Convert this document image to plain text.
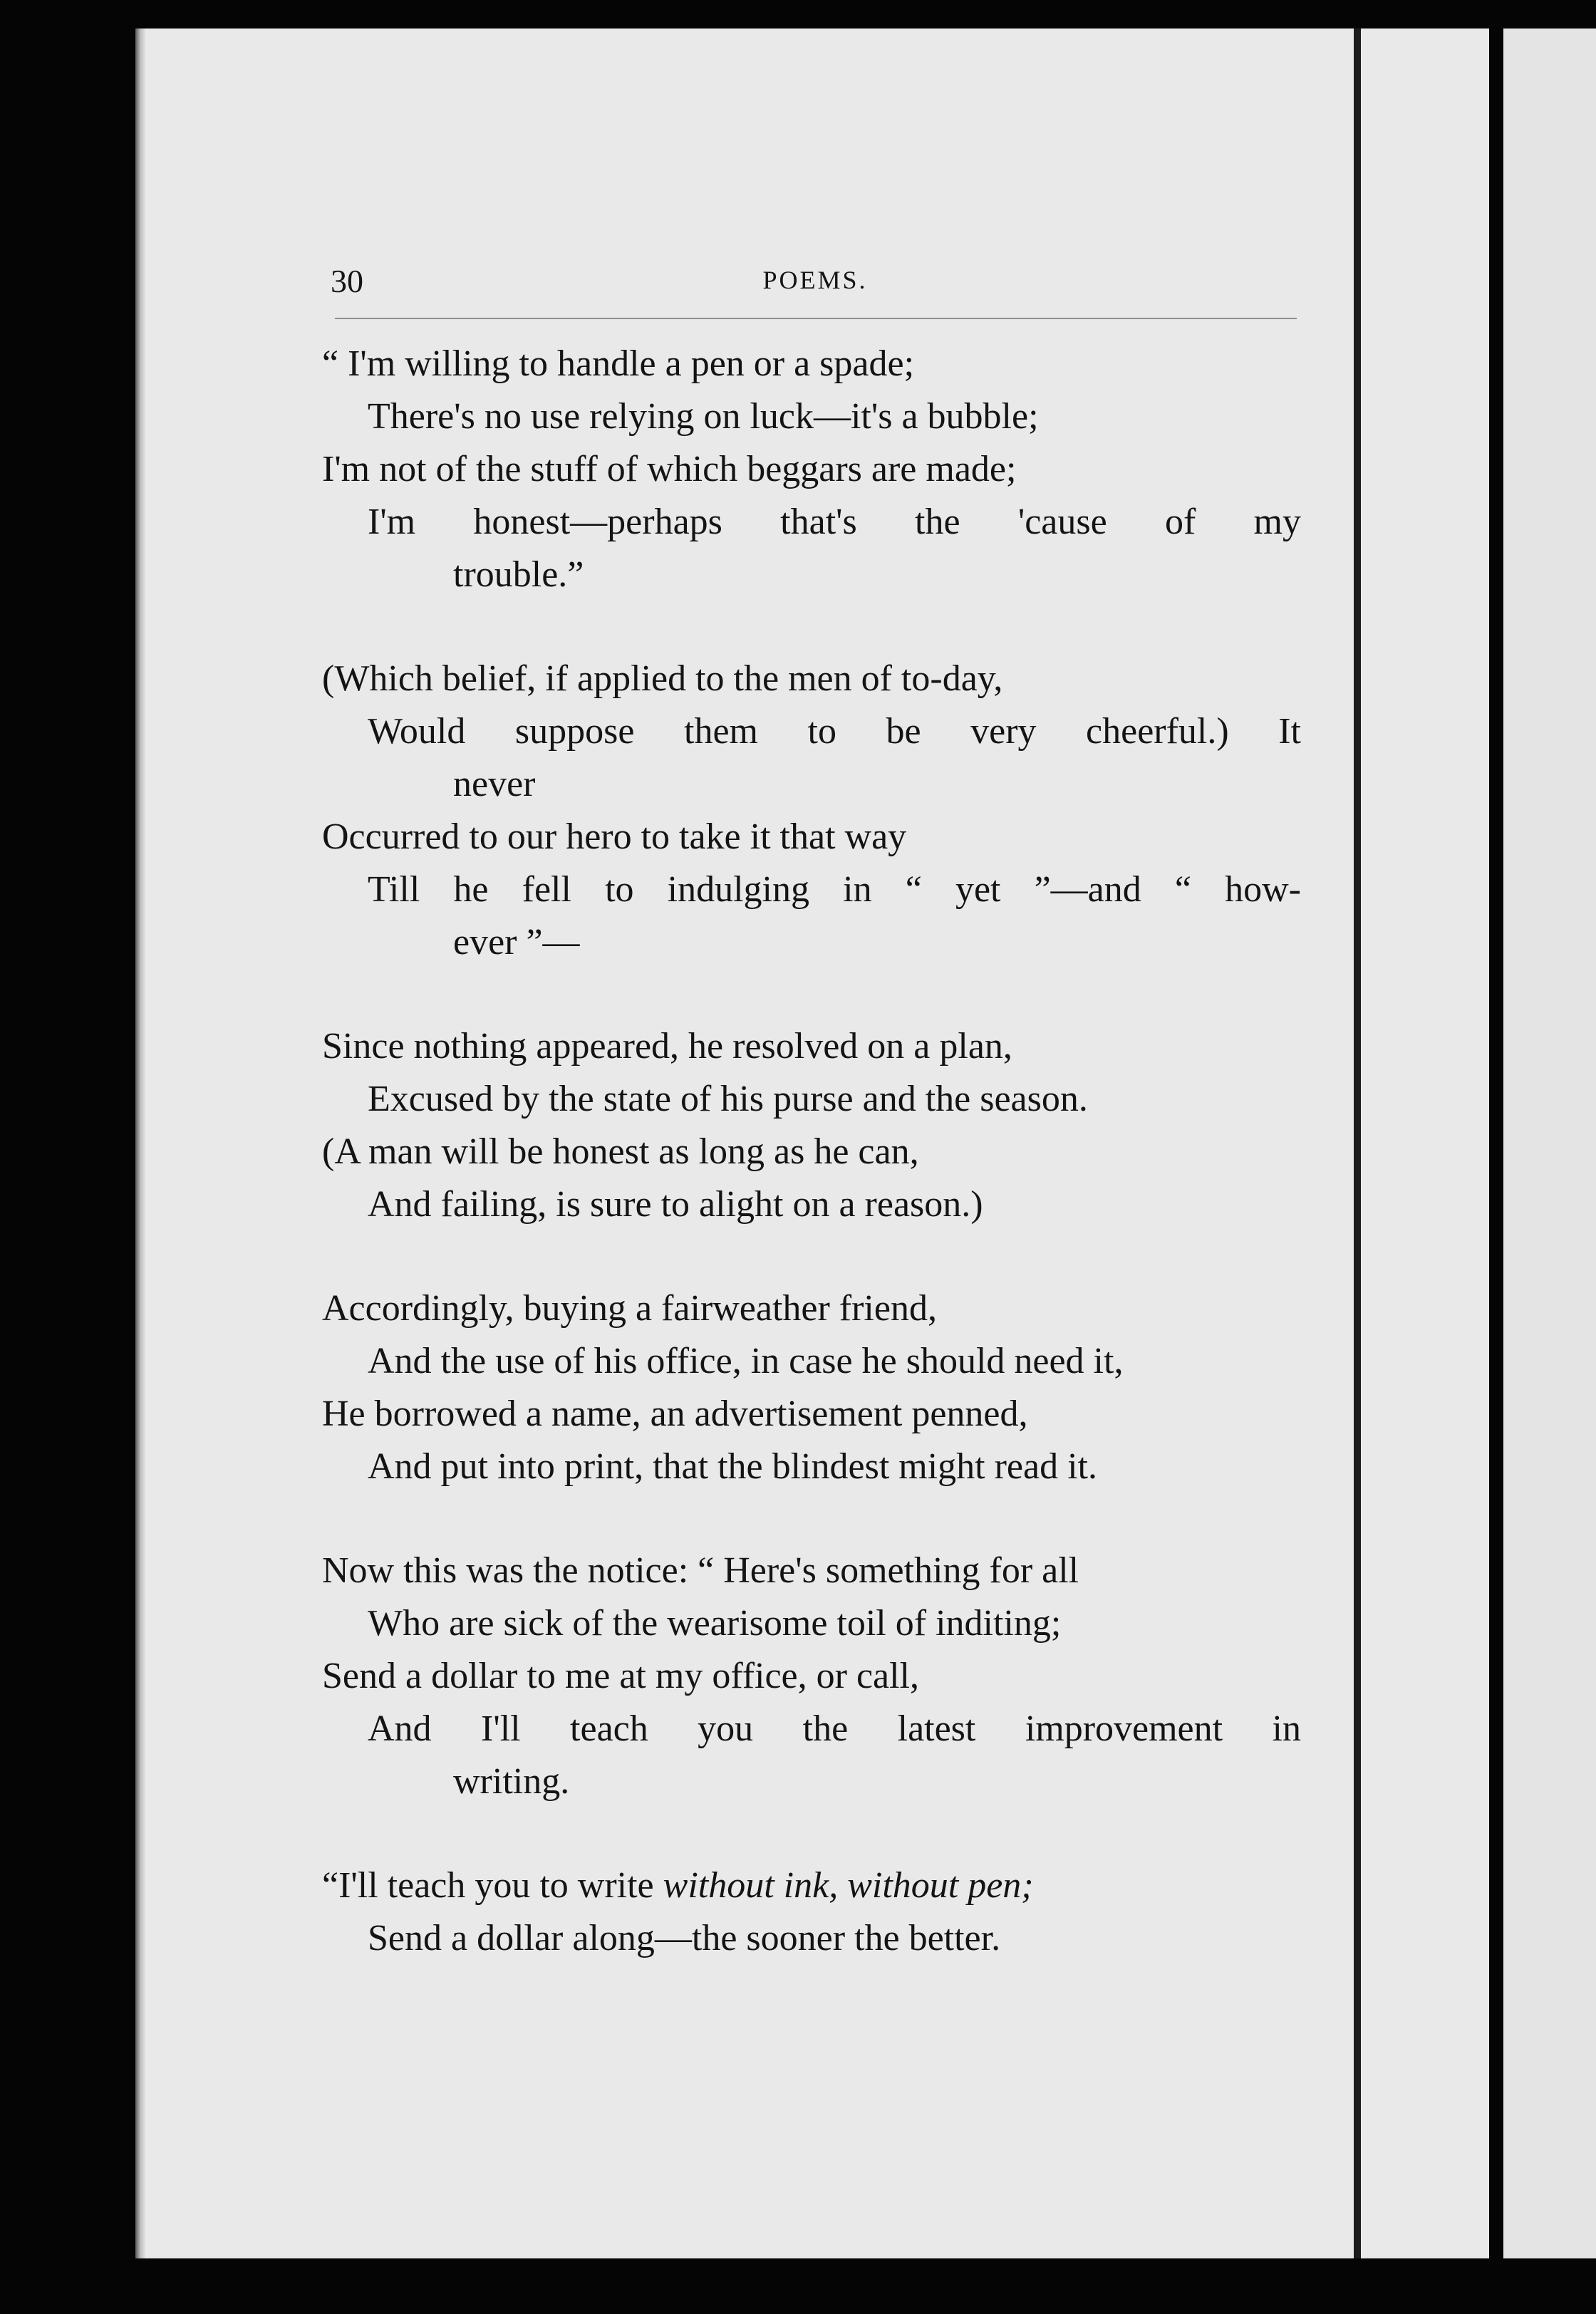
30	POEMS.
“ I'm willing to handle a pen or a spade;
There's no use relying on luck—it's a bubble;
I'm not of the stuff of which beggars are made;
I'm honest—perhaps that's the 'cause of my
trouble.”
(Which belief, if applied to the men of to-day,
Would suppose them to be very cheerful.) It
never
Occurred to our hero to take it that way
Till he fell to indulging in “ yet ”—and “ how-
ever ”—
Since nothing appeared, he resolved on a plan,
Excused by the state of his purse and the season.
(A man will be honest as long as he can,
And failing, is sure to alight on a reason.)
Accordingly, buying a fairweather friend,
And the use of his office, in case he should need it,
He borrowed a name, an advertisement penned,
And put into print, that the blindest might read it.
Now this was the notice: “ Here's something for all
Who are sick of the wearisome toil of inditing;
Send a dollar to me at my office, or call,
And I'll teach you the latest improvement in
writing.
“I'll teach you to write without ink, without pen;
Send a dollar along—the sooner the better.
